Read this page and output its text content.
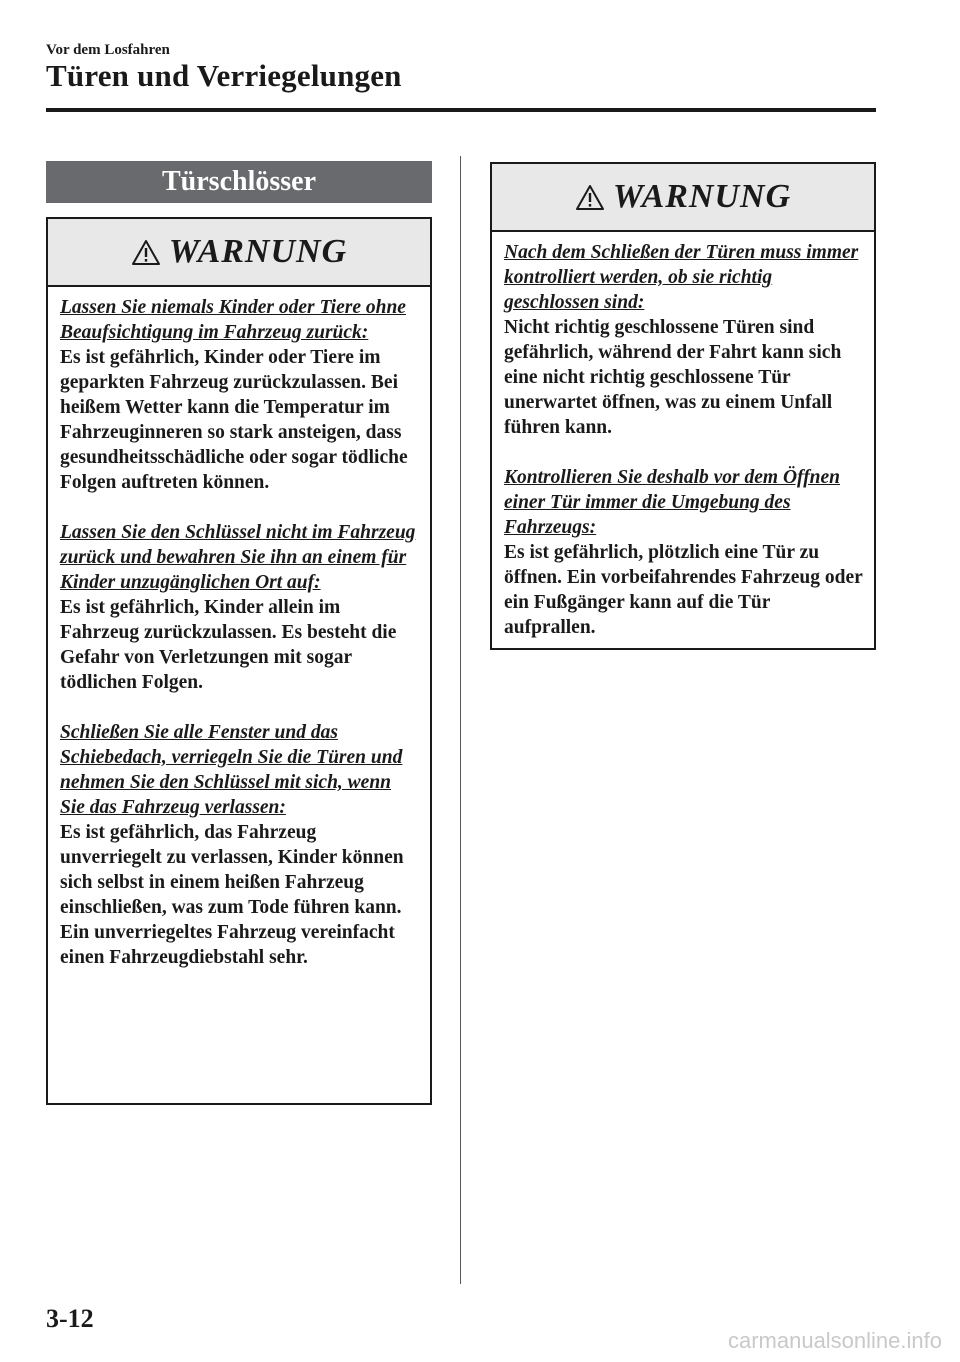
Vor dem Losfahren
Türen und Verriegelungen
Türschlösser
WARNUNG
Lassen Sie niemals Kinder oder Tiere ohne Beaufsichtigung im Fahrzeug zurück:
Es ist gefährlich, Kinder oder Tiere im geparkten Fahrzeug zurückzulassen. Bei heißem Wetter kann die Temperatur im Fahrzeuginneren so stark ansteigen, dass gesundheitsschädliche oder sogar tödliche Folgen auftreten können.
Lassen Sie den Schlüssel nicht im Fahrzeug zurück und bewahren Sie ihn an einem für Kinder unzugänglichen Ort auf:
Es ist gefährlich, Kinder allein im Fahrzeug zurückzulassen. Es besteht die Gefahr von Verletzungen mit sogar tödlichen Folgen.
Schließen Sie alle Fenster und das Schiebedach, verriegeln Sie die Türen und nehmen Sie den Schlüssel mit sich, wenn Sie das Fahrzeug verlassen:
Es ist gefährlich, das Fahrzeug unverriegelt zu verlassen, Kinder können sich selbst in einem heißen Fahrzeug einschließen, was zum Tode führen kann. Ein unverriegeltes Fahrzeug vereinfacht einen Fahrzeugdiebstahl sehr.
WARNUNG
Nach dem Schließen der Türen muss immer kontrolliert werden, ob sie richtig geschlossen sind:
Nicht richtig geschlossene Türen sind gefährlich, während der Fahrt kann sich eine nicht richtig geschlossene Tür unerwartet öffnen, was zu einem Unfall führen kann.
Kontrollieren Sie deshalb vor dem Öffnen einer Tür immer die Umgebung des Fahrzeugs:
Es ist gefährlich, plötzlich eine Tür zu öffnen. Ein vorbeifahrendes Fahrzeug oder ein Fußgänger kann auf die Tür aufprallen.
3-12
carmanualsonline.info
